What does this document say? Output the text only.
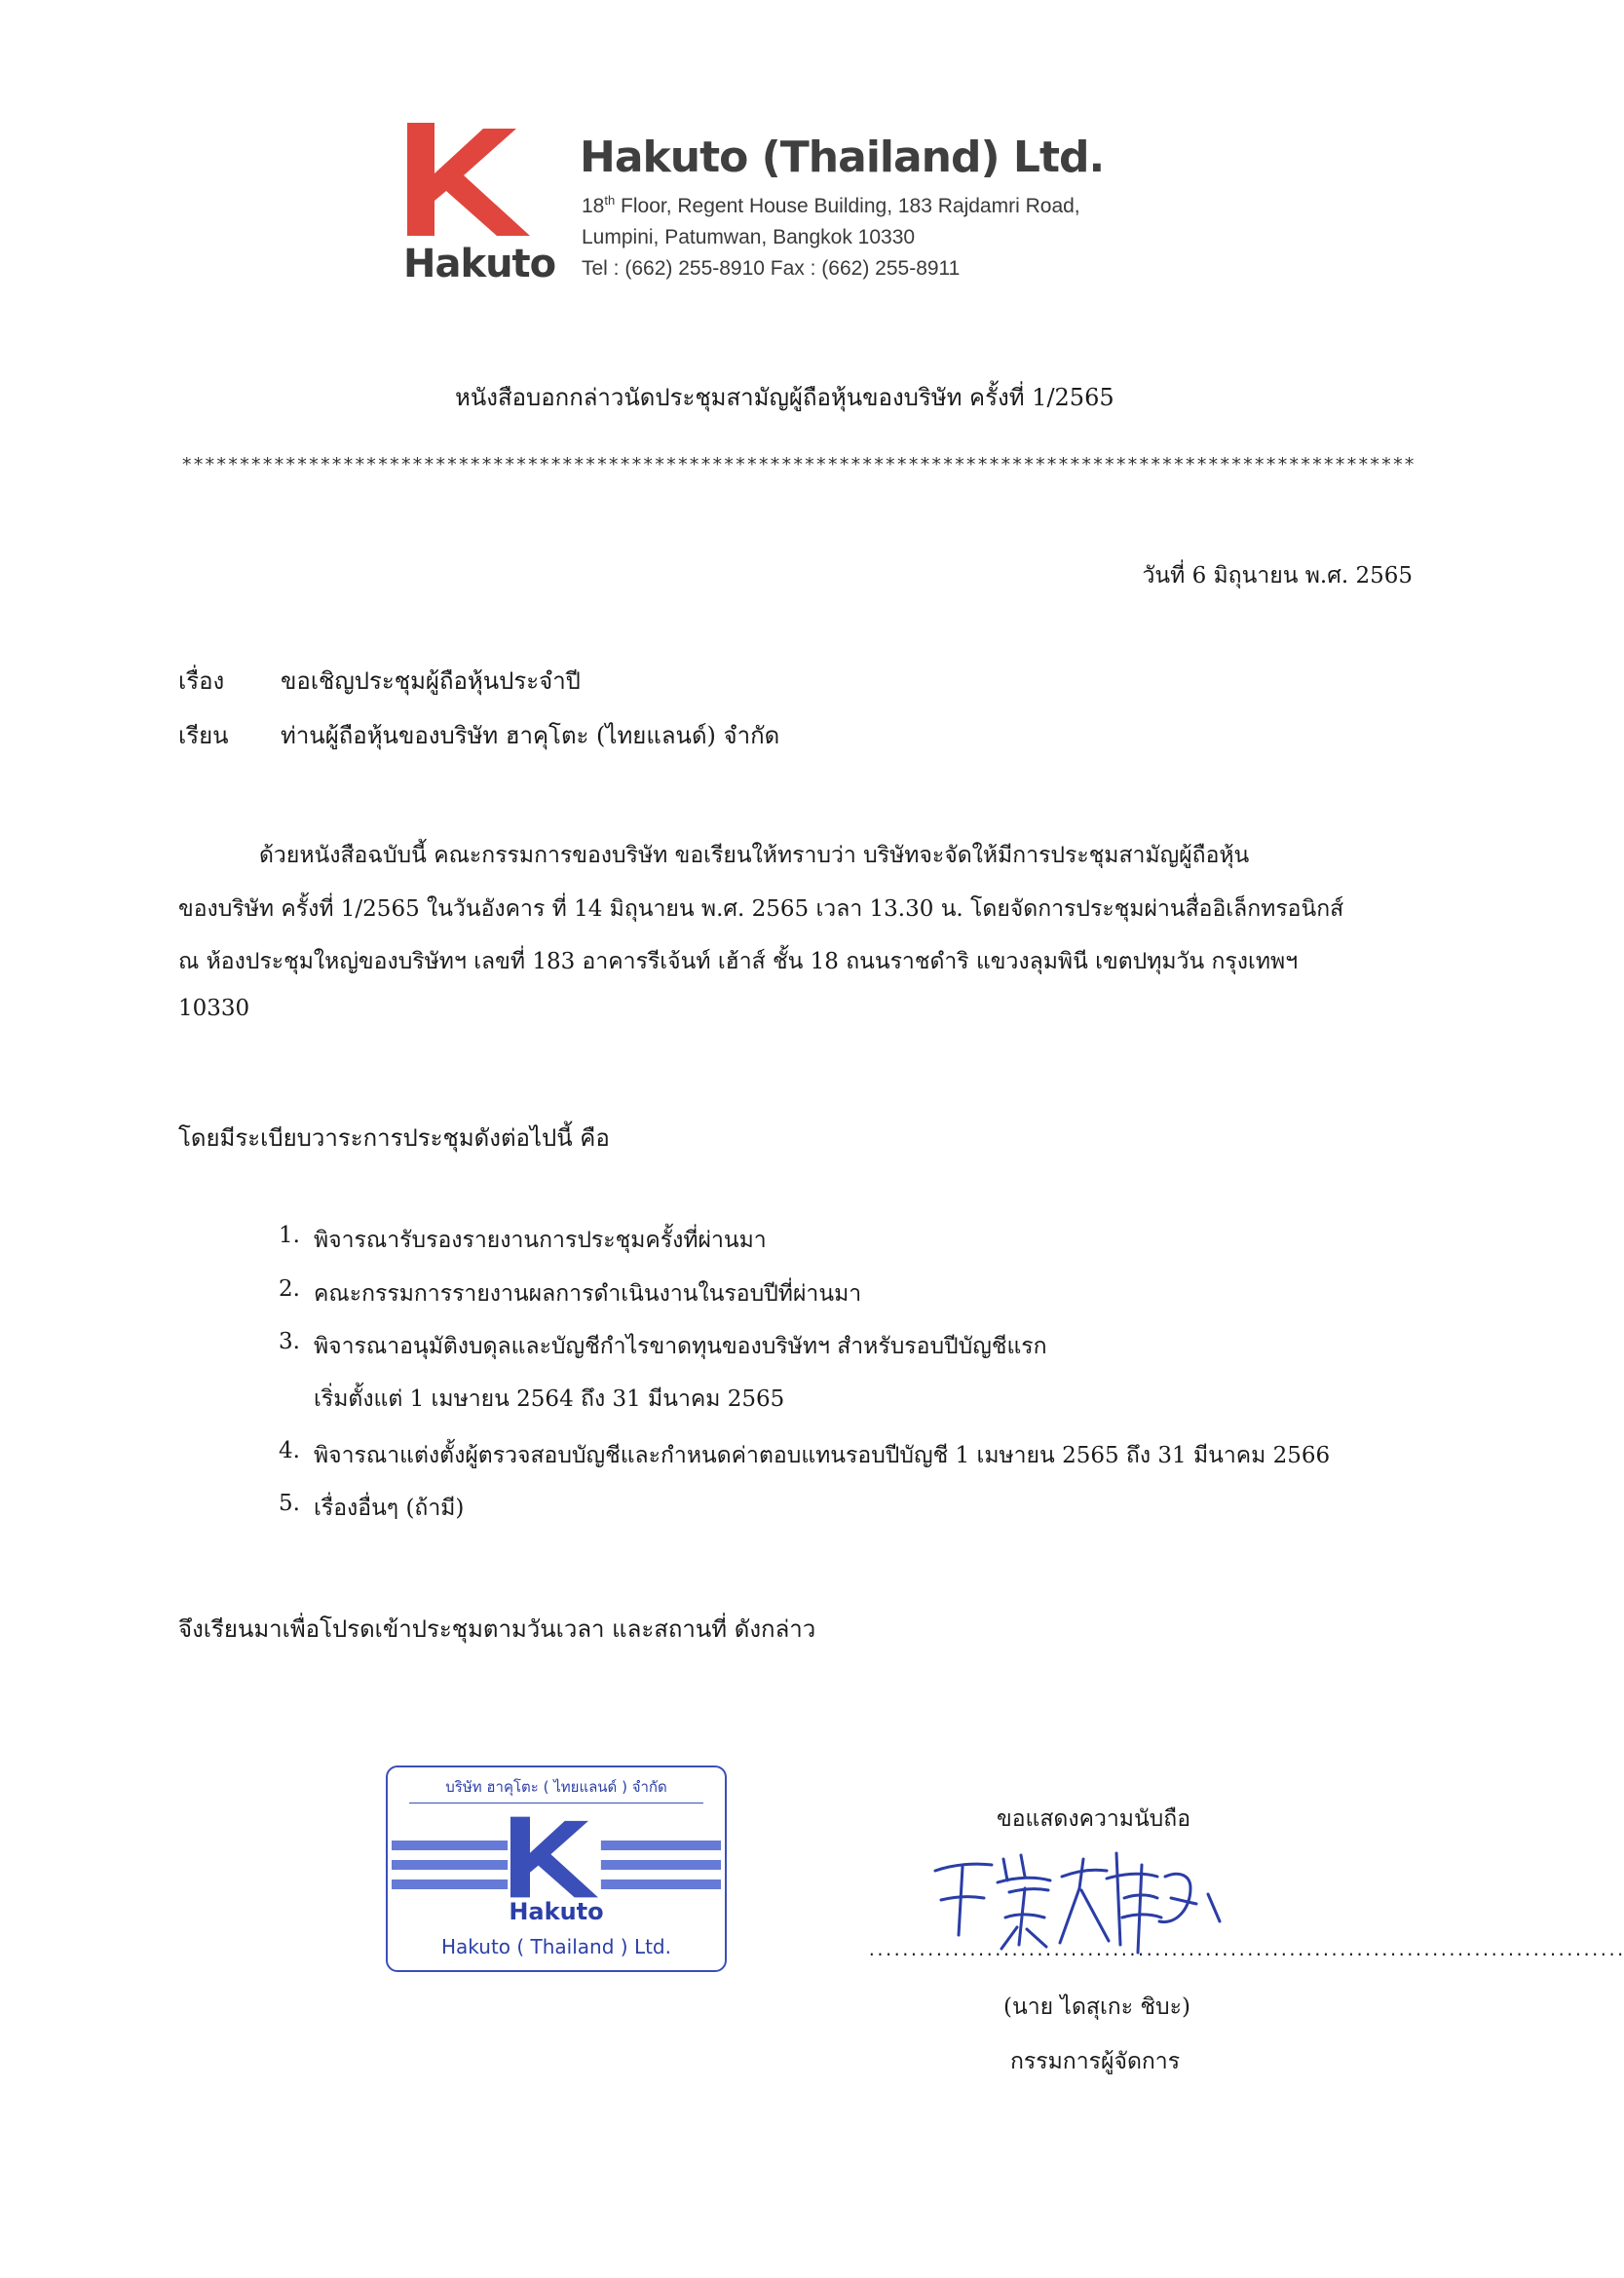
Hakuto
Hakuto (Thailand) Ltd.
18th Floor, Regent House Building, 183 Rajdamri Road,
Lumpini, Patumwan, Bangkok 10330
Tel : (662) 255-8910 Fax : (662) 255-8911
หนังสือบอกกล่าวนัดประชุมสามัญผู้ถือหุ้นของบริษัท ครั้งที่ 1/2565
***********************************************************************************************************
วันที่ 6 มิถุนายน พ.ศ. 2565
เรื่อง ขอเชิญประชุมผู้ถือหุ้นประจำปี
เรียน ท่านผู้ถือหุ้นของบริษัท ฮาคุโตะ (ไทยแลนด์) จำกัด
ด้วยหนังสือฉบับนี้ คณะกรรมการของบริษัท ขอเรียนให้ทราบว่า บริษัทจะจัดให้มีการประชุมสามัญผู้ถือหุ้น
ของบริษัท ครั้งที่ 1/2565 ในวันอังคาร ที่ 14 มิถุนายน พ.ศ. 2565 เวลา 13.30 น. โดยจัดการประชุมผ่านสื่ออิเล็กทรอนิกส์
ณ ห้องประชุมใหญ่ของบริษัทฯ เลขที่ 183 อาคารรีเจ้นท์ เฮ้าส์ ชั้น 18 ถนนราชดำริ แขวงลุมพินี เขตปทุมวัน กรุงเทพฯ
10330
โดยมีระเบียบวาระการประชุมดังต่อไปนี้ คือ
1. พิจารณารับรองรายงานการประชุมครั้งที่ผ่านมา
2. คณะกรรมการรายงานผลการดำเนินงานในรอบปีที่ผ่านมา
3. พิจารณาอนุมัติงบดุลและบัญชีกำไรขาดทุนของบริษัทฯ สำหรับรอบปีบัญชีแรก
เริ่มตั้งแต่ 1 เมษายน 2564 ถึง 31 มีนาคม 2565
4. พิจารณาแต่งตั้งผู้ตรวจสอบบัญชีและกำหนดค่าตอบแทนรอบปีบัญชี 1 เมษายน 2565 ถึง 31 มีนาคม 2566
5. เรื่องอื่นๆ (ถ้ามี)
จึงเรียนมาเพื่อโปรดเข้าประชุมตามวันเวลา และสถานที่ ดังกล่าว
บริษัท ฮาคุโตะ ( ไทยแลนด์ ) จำกัด
Hakuto
Hakuto ( Thailand ) Ltd.
ขอแสดงความนับถือ
..........................................................................................
(นาย ไดสุเกะ ชิบะ)
กรรมการผู้จัดการ
